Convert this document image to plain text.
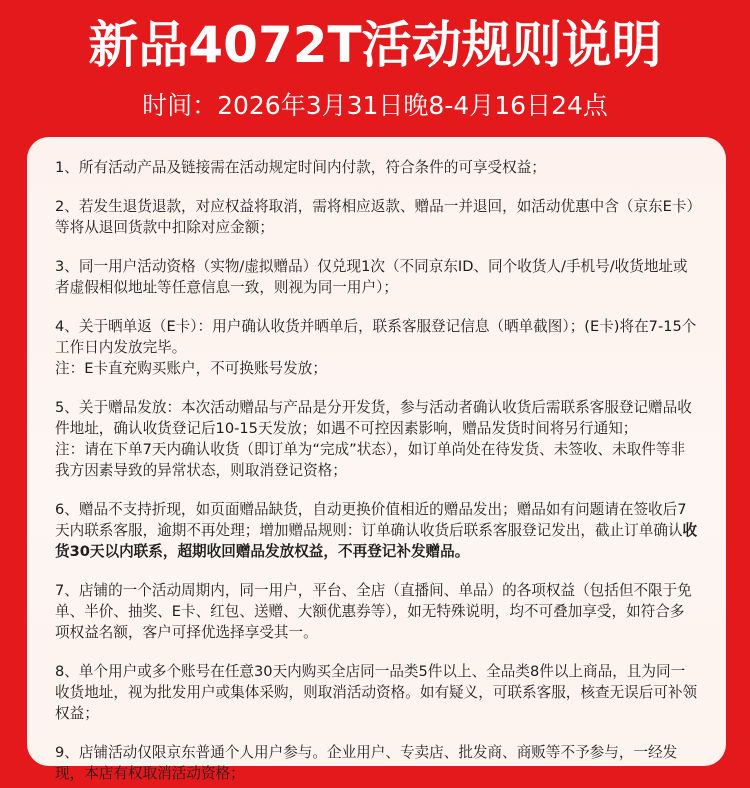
新品4072T活动规则说明
时间：2026年3月31日晚8-4月16日24点

1、所有活动产品及链接需在活动规定时间内付款，符合条件的可享受权益；

2、若发生退货退款，对应权益将取消，需将相应返款、赠品一并退回，如活动优惠中含（京东E卡）等将从退回货款中扣除对应金额；

3、同一用户活动资格（实物/虚拟赠品）仅兑现1次（不同京东ID、同个收货人/手机号/收货地址或者虚假相似地址等任意信息一致，则视为同一用户）；

4、关于晒单返（E卡）：用户确认收货并晒单后，联系客服登记信息（晒单截图）；(E卡)将在7-15个工作日内发放完毕。

注：E卡直充购买账户，不可换账号发放；

5、关于赠品发放：本次活动赠品与产品是分开发货，参与活动者确认收货后需联系客服登记赠品收件地址，确认收货登记后10-15天发放；如遇不可控因素影响，赠品发货时间将另行通知；

注：请在下单7天内确认收货（即订单为“完成”状态），如订单尚处在待发货、未签收、未取件等非我方因素导致的异常状态，则取消登记资格；

6、赠品不支持折现，如页面赠品缺货，自动更换价值相近的赠品发出；赠品如有问题请在签收后7天内联系客服，逾期不再处理；增加赠品规则：订单确认收货后联系客服登记发出，截止订单确认收货30天以内联系，超期收回赠品发放权益，不再登记补发赠品。

7、店铺的一个活动周期内，同一用户，平台、全店（直播间、单品）的各项权益（包括但不限于免单、半价、抽奖、E卡、红包、送赠、大额优惠券等），如无特殊说明，均不可叠加享受，如符合多项权益名额，客户可择优选择享受其一。

8、单个用户或多个账号在任意30天内购买全店同一品类5件以上、全品类8件以上商品，且为同一收货地址，视为批发用户或集体采购，则取消活动资格。如有疑义，可联系客服，核查无误后可补领权益；

9、店铺活动仅限京东普通个人用户参与。企业用户、专卖店、批发商、商贩等不予参与，一经发现，本店有权取消活动资格；
